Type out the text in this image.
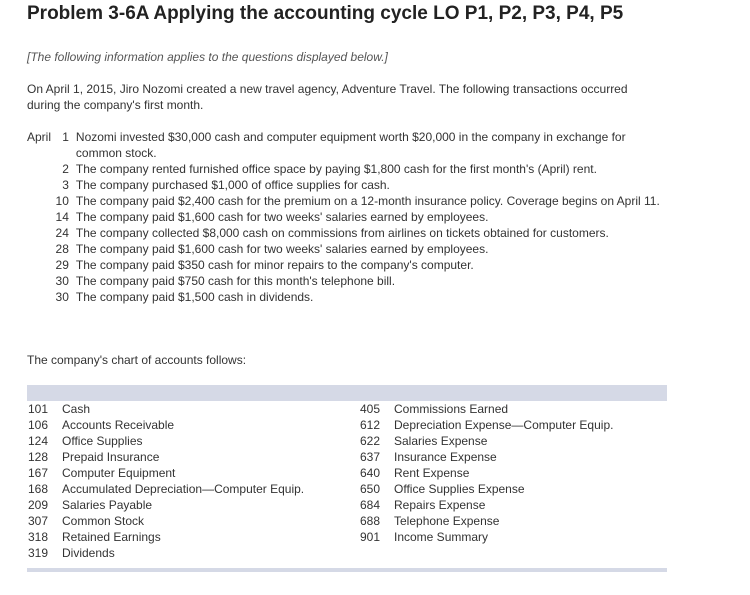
Problem 3-6A Applying the accounting cycle LO P1, P2, P3, P4, P5
[The following information applies to the questions displayed below.]
On April 1, 2015, Jiro Nozomi created a new travel agency, Adventure Travel. The following transactions occurred during the company's first month.
April	1	Nozomi invested $30,000 cash and computer equipment worth $20,000 in the company in exchange for common stock.
	2	The company rented furnished office space by paying $1,800 cash for the first month's (April) rent.
	3	The company purchased $1,000 of office supplies for cash.
	10	The company paid $2,400 cash for the premium on a 12-month insurance policy. Coverage begins on April 11.
	14	The company paid $1,600 cash for two weeks' salaries earned by employees.
	24	The company collected $8,000 cash on commissions from airlines on tickets obtained for customers.
	28	The company paid $1,600 cash for two weeks' salaries earned by employees.
	29	The company paid $350 cash for minor repairs to the company's computer.
	30	The company paid $750 cash for this month's telephone bill.
	30	The company paid $1,500 cash in dividends.
The company's chart of accounts follows:
101	Cash
106	Accounts Receivable
124	Office Supplies
128	Prepaid Insurance
167	Computer Equipment
168	Accumulated Depreciation—Computer Equip.
209	Salaries Payable
307	Common Stock
318	Retained Earnings
319	Dividends
405	Commissions Earned
612	Depreciation Expense—Computer Equip.
622	Salaries Expense
637	Insurance Expense
640	Rent Expense
650	Office Supplies Expense
684	Repairs Expense
688	Telephone Expense
901	Income Summary
